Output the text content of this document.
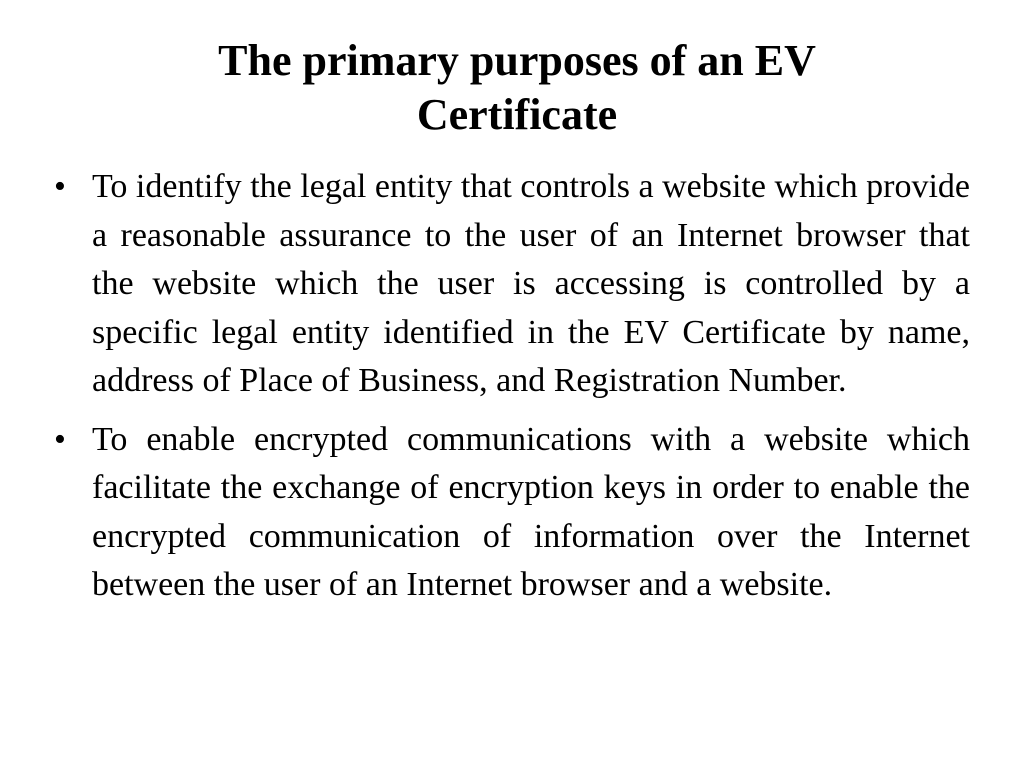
The primary purposes of an EV Certificate
• To identify the legal entity that controls a website which provide a reasonable assurance to the user of an Internet browser that the website which the user is accessing is controlled by a specific legal entity identified in the EV Certificate by name, address of Place of Business, and Registration Number.
• To enable encrypted communications with a website which facilitate the exchange of encryption keys in order to enable the encrypted communication of information over the Internet between the user of an Internet browser and a website.
